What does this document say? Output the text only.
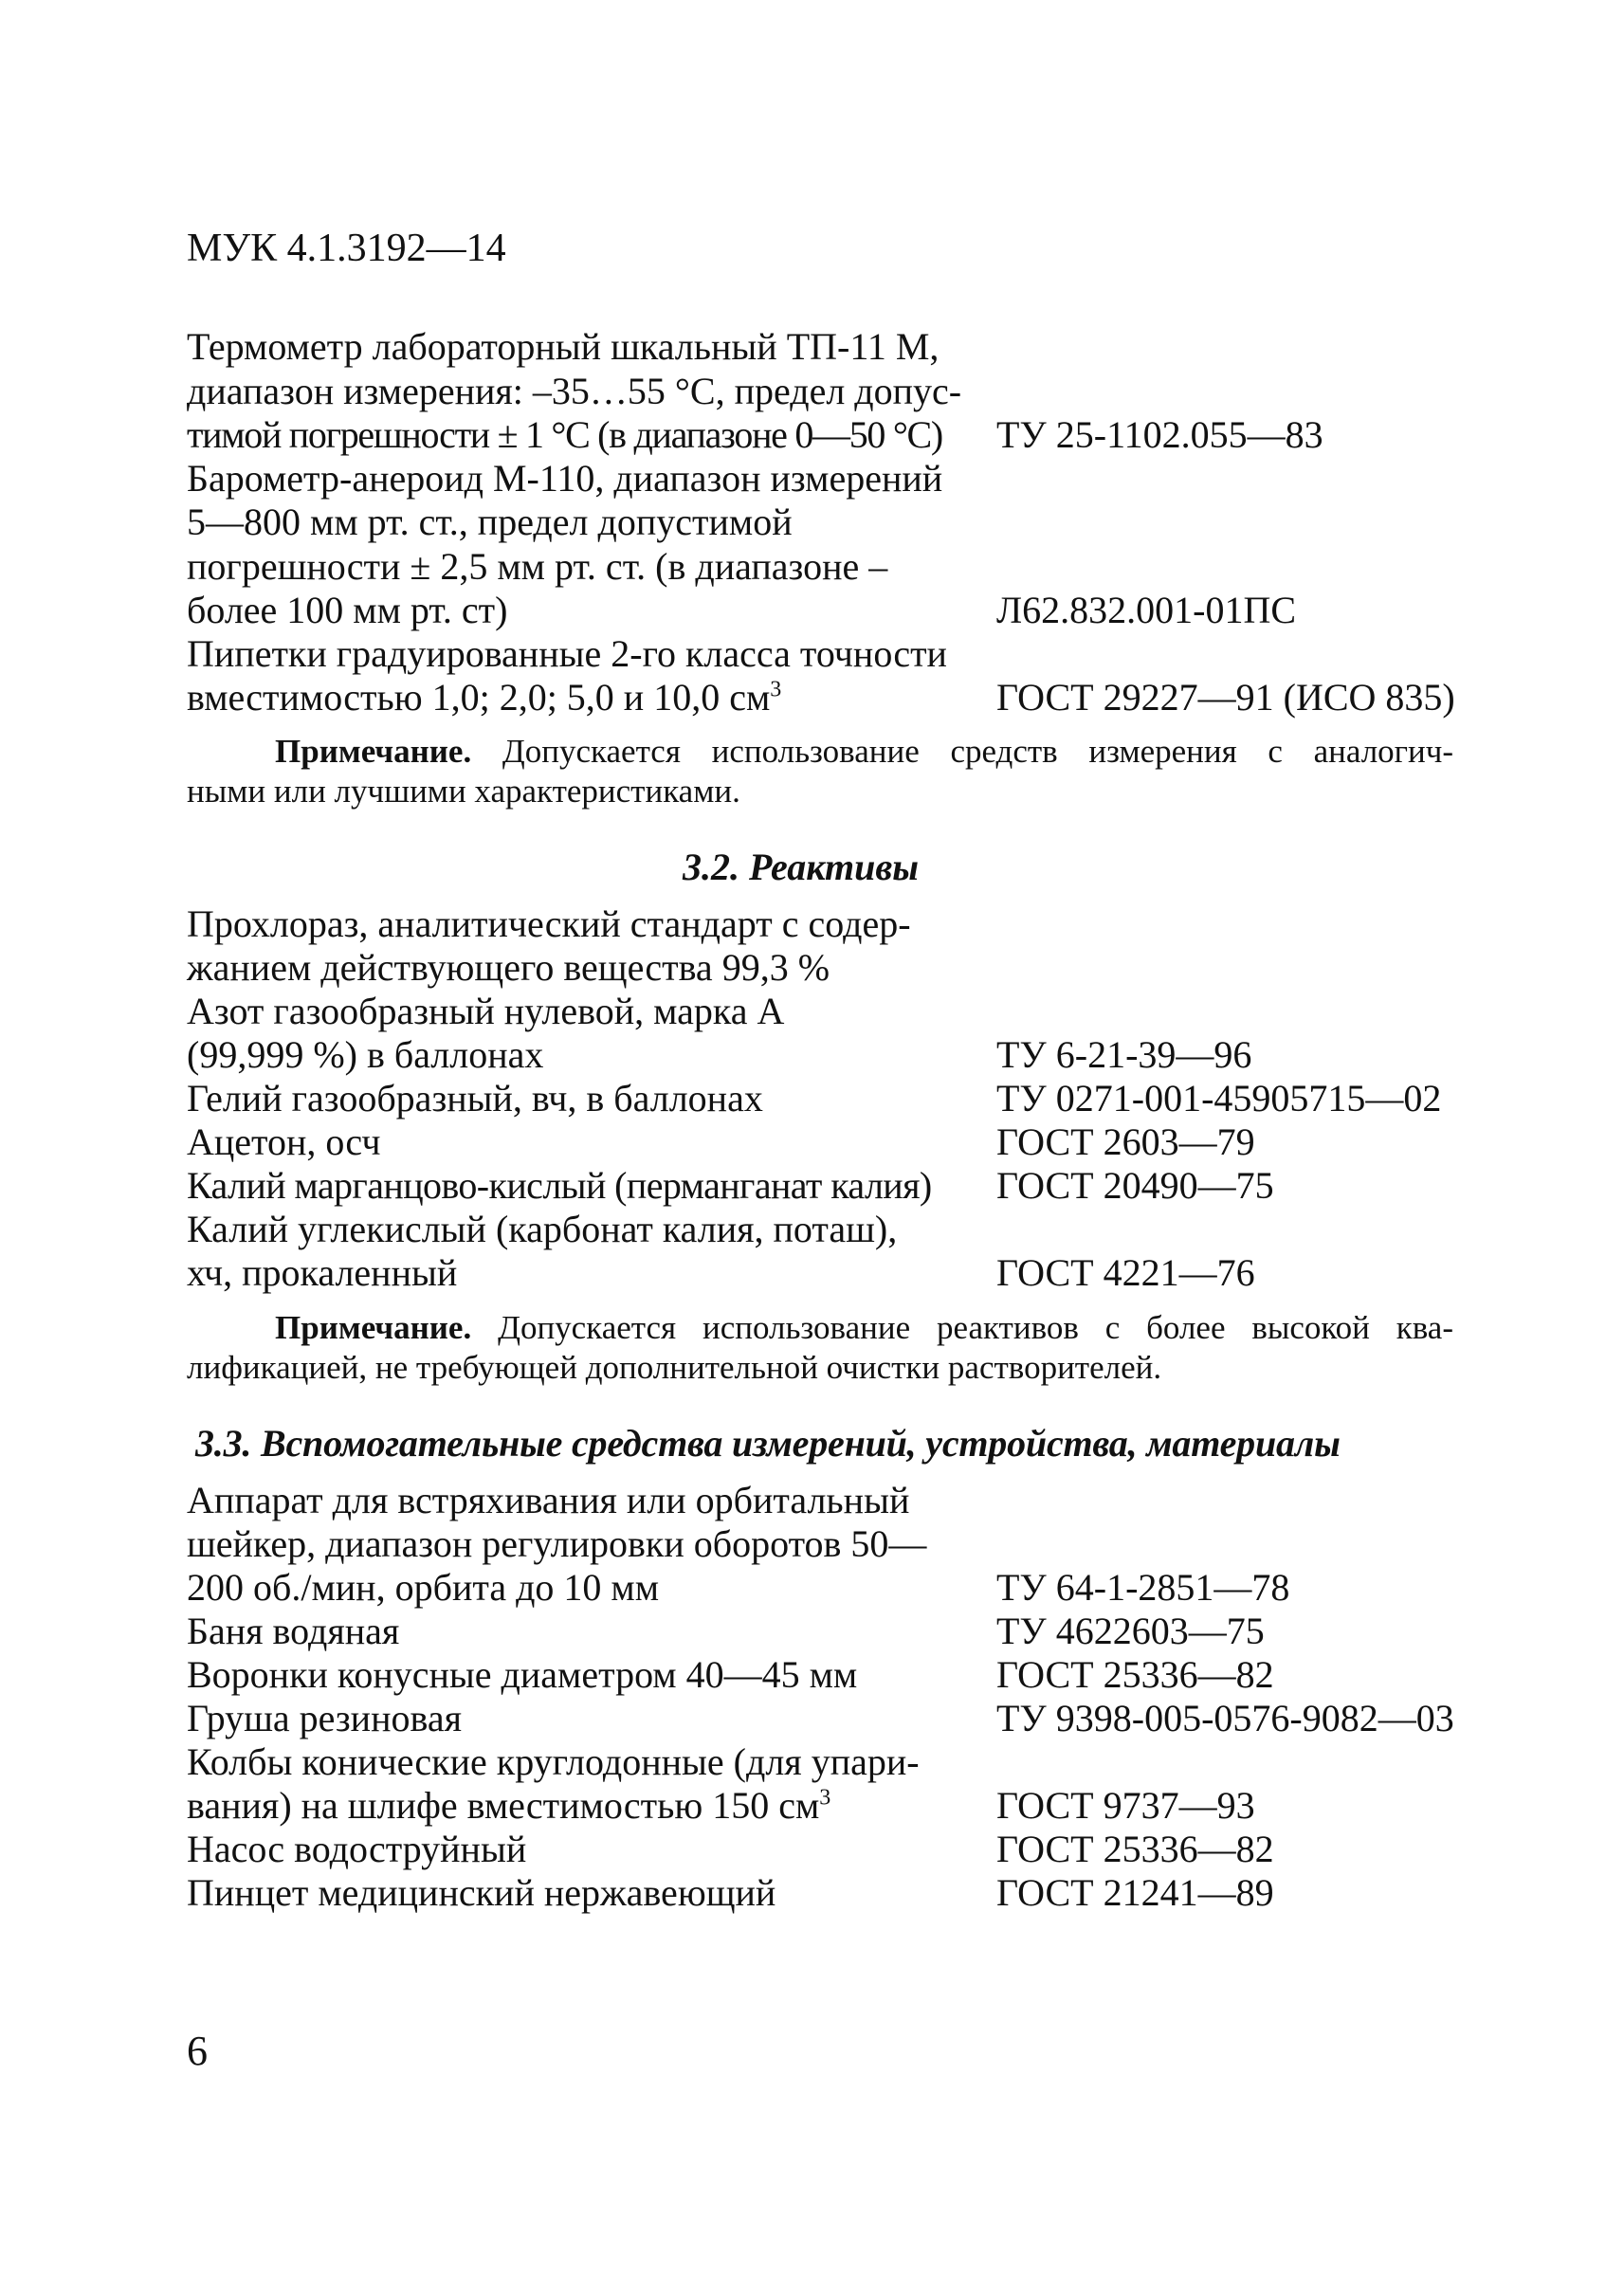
МУК 4.1.3192—14
Термометр лабораторный шкальный ТП-11 М,
диапазон измерения: –35…55 °С, предел допус-
тимой погрешности ± 1 °С (в диапазоне 0—50 °С) ТУ 25-1102.055—83
Барометр-анероид М-110, диапазон измерений
5—800 мм рт. ст., предел допустимой
погрешности ± 2,5 мм рт. ст. (в диапазоне –
более 100 мм рт. ст)	Л62.832.001-01ПС
Пипетки градуированные 2-го класса точности
вместимостью 1,0; 2,0; 5,0 и 10,0 $см^3$	ГОСТ 29227—91 (ИСО 835)
Примечание. Допускается использование средств измерения с аналогич-
ными или лучшими характеристиками.
3.2. Реактивы
Прохлораз, аналитический стандарт с содер-
жанием действующего вещества 99,3 %
Азот газообразный нулевой, марка А
(99,999 %) в баллонах	ТУ 6-21-39—96
Гелий газообразный, вч, в баллонах	ТУ 0271-001-45905715—02
Ацетон, осч	ГОСТ 2603—79
Калий марганцово-кислый (перманганат калия) ГОСТ 20490—75
Калий углекислый (карбонат калия, поташ),
хч, прокаленный	ГОСТ 4221—76
Примечание. Допускается использование реактивов с более высокой ква-
лификацией, не требующей дополнительной очистки растворителей.
3.3. Вспомогательные средства измерений, устройства, материалы
Аппарат для встряхивания или орбитальный
шейкер, диапазон регулировки оборотов 50—
200 об./мин, орбита до 10 мм	ТУ 64-1-2851—78
Баня водяная	ТУ 4622603—75
Воронки конусные диаметром 40—45 мм	ГОСТ 25336—82
Груша резиновая	ТУ 9398-005-0576-9082—03
Колбы конические круглодонные (для упари-
вания) на шлифе вместимостью 150 $см^3$	ГОСТ 9737—93
Насос водоструйный	ГОСТ 25336—82
Пинцет медицинский нержавеющий	ГОСТ 21241—89
6
